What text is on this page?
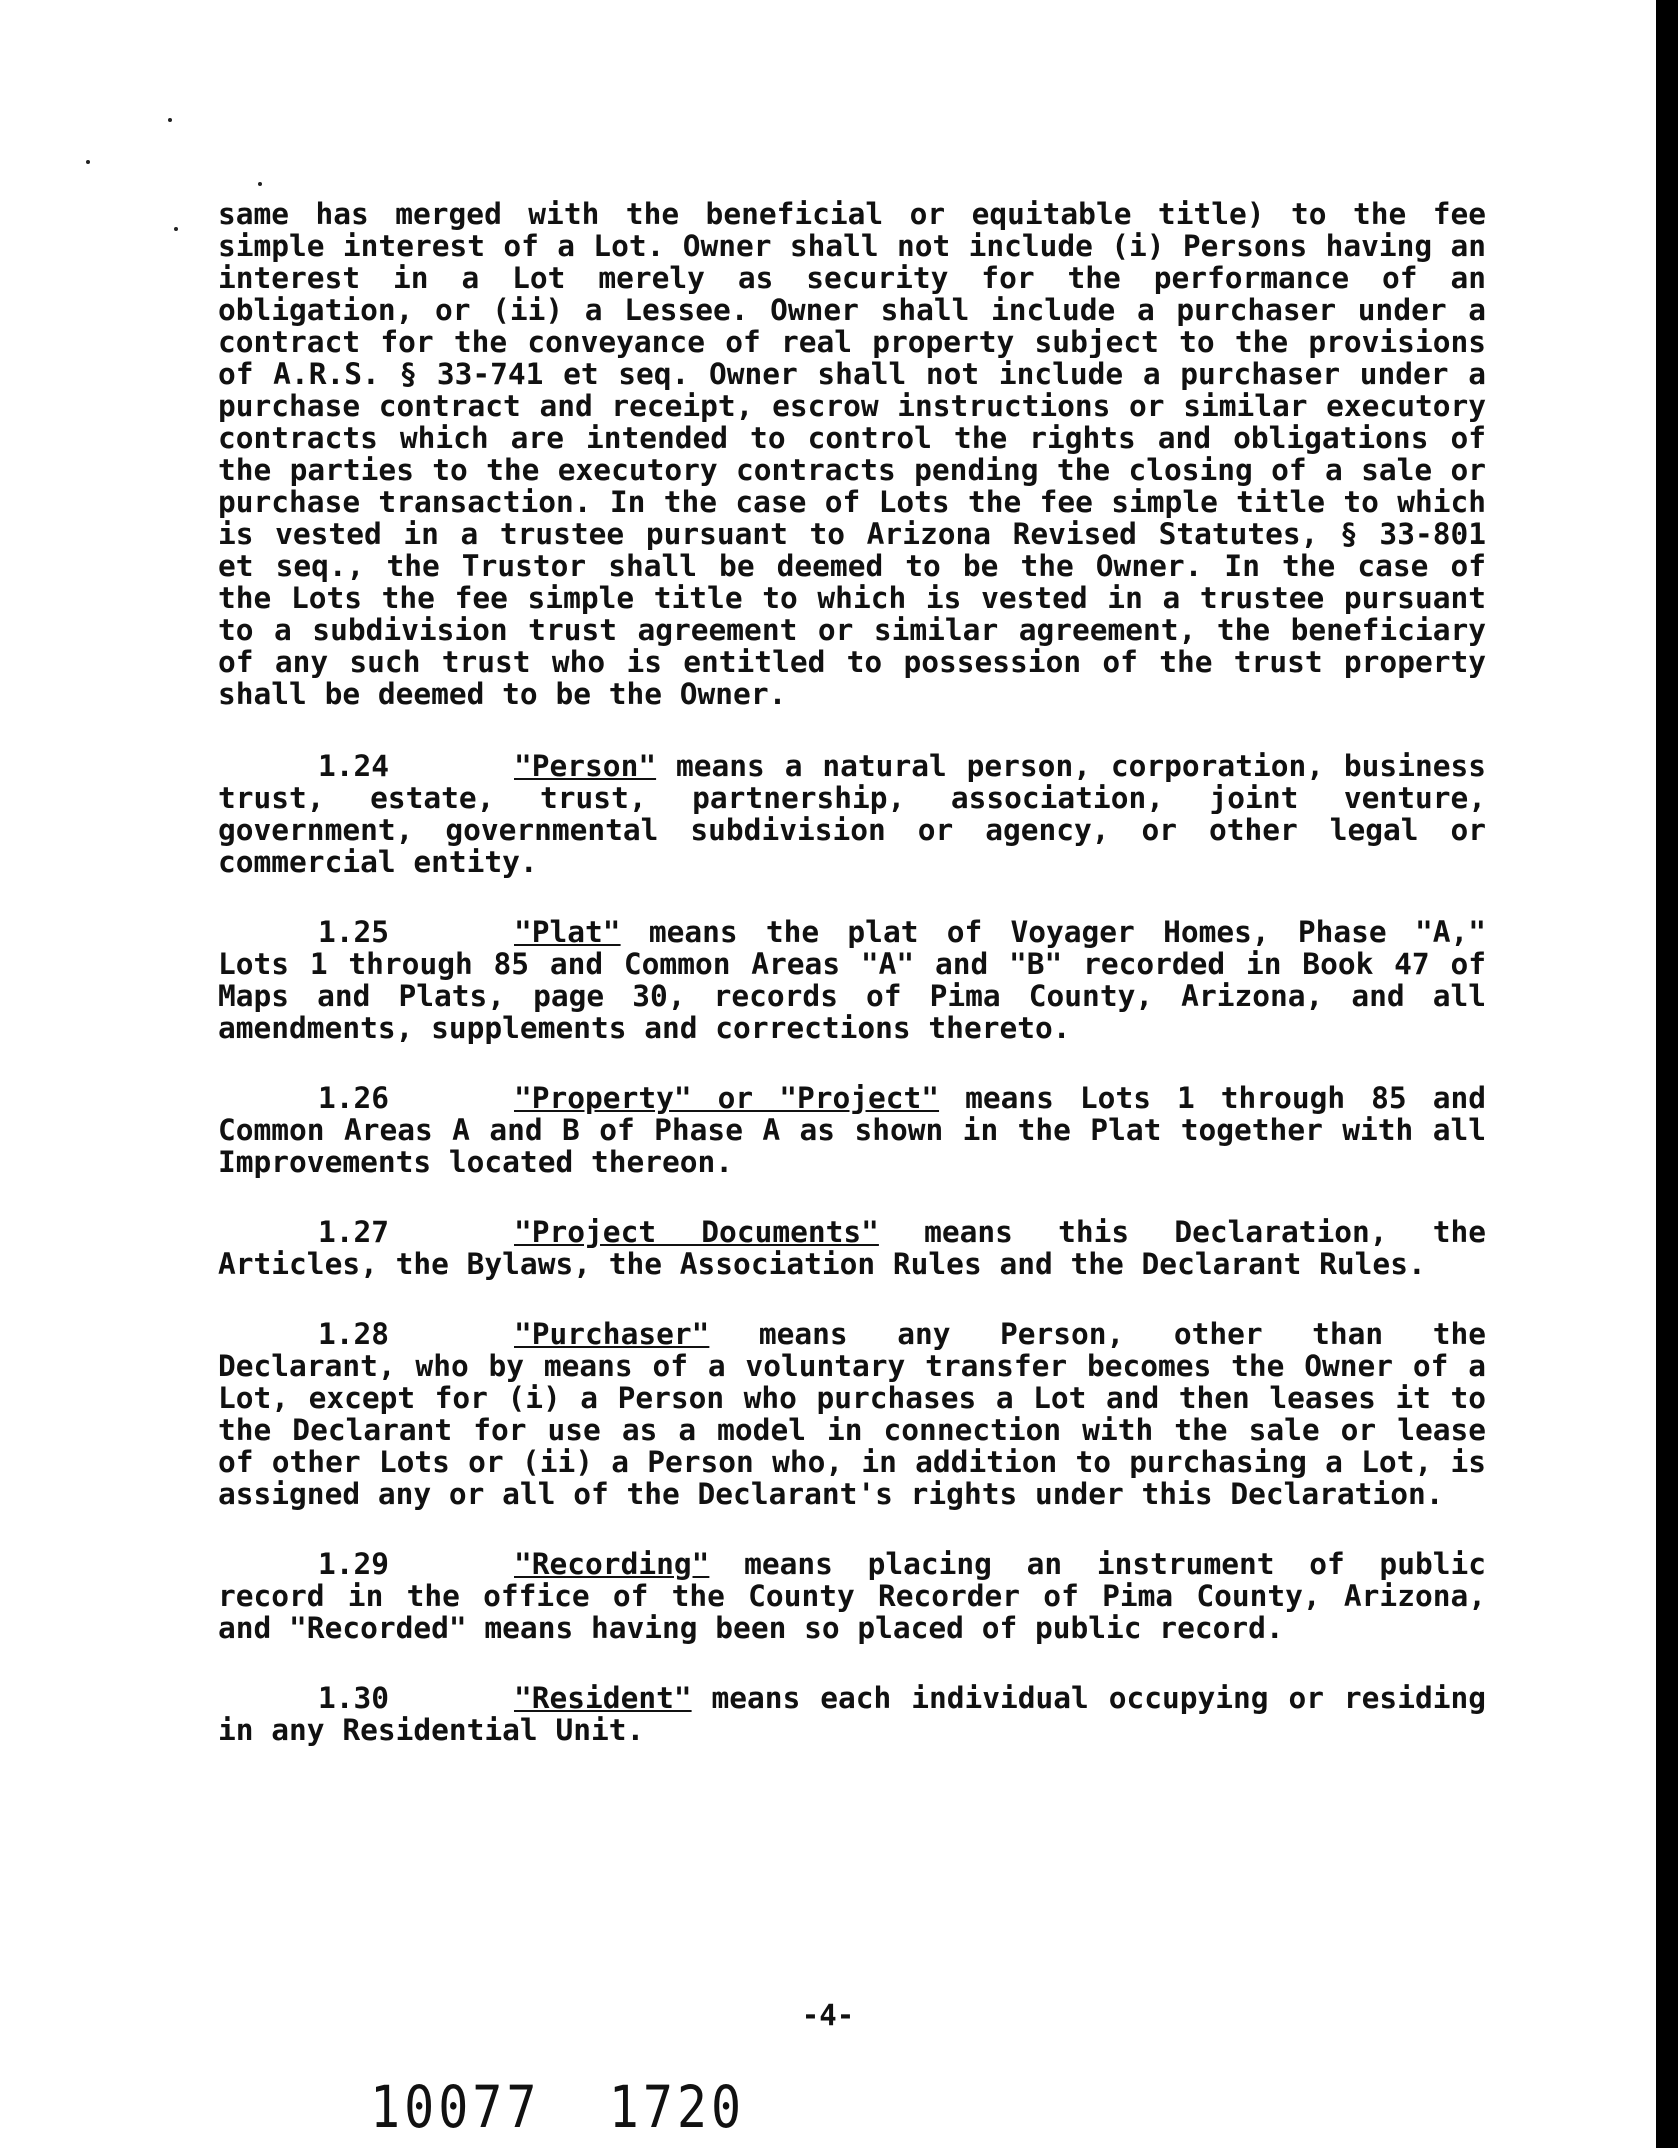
same has merged with the beneficial or equitable title) to the fee simple interest of a Lot. Owner shall not include (i) Persons having an interest in a Lot merely as security for the performance of an obligation, or (ii) a Lessee. Owner shall include a purchaser under a contract for the conveyance of real property subject to the provisions of A.R.S. § 33-741 et seq. Owner shall not include a purchaser under a purchase contract and receipt, escrow instructions or similar executory contracts which are intended to control the rights and obligations of the parties to the executory contracts pending the closing of a sale or purchase transaction. In the case of Lots the fee simple title to which is vested in a trustee pursuant to Arizona Revised Statutes, § 33-801 et seq., the Trustor shall be deemed to be the Owner. In the case of the Lots the fee simple title to which is vested in a trustee pursuant to a subdivision trust agreement or similar agreement, the beneficiary of any such trust who is entitled to possession of the trust property shall be deemed to be the Owner.

1.24	"Person" means a natural person, corporation, business trust, estate, trust, partnership, association, joint venture, government, governmental subdivision or agency, or other legal or commercial entity.

1.25	"Plat" means the plat of Voyager Homes, Phase "A," Lots 1 through 85 and Common Areas "A" and "B" recorded in Book 47 of Maps and Plats, page 30, records of Pima County, Arizona, and all amendments, supplements and corrections thereto.

1.26	"Property" or "Project" means Lots 1 through 85 and Common Areas A and B of Phase A as shown in the Plat together with all Improvements located thereon.

1.27	"Project Documents" means this Declaration, the Articles, the Bylaws, the Association Rules and the Declarant Rules.

1.28	"Purchaser" means any Person, other than the Declarant, who by means of a voluntary transfer becomes the Owner of a Lot, except for (i) a Person who purchases a Lot and then leases it to the Declarant for use as a model in connection with the sale or lease of other Lots or (ii) a Person who, in addition to purchasing a Lot, is assigned any or all of the Declarant's rights under this Declaration.

1.29	"Recording" means placing an instrument of public record in the office of the County Recorder of Pima County, Arizona, and "Recorded" means having been so placed of public record.

1.30	"Resident" means each individual occupying or residing in any Residential Unit.

-4-
10077  1720
